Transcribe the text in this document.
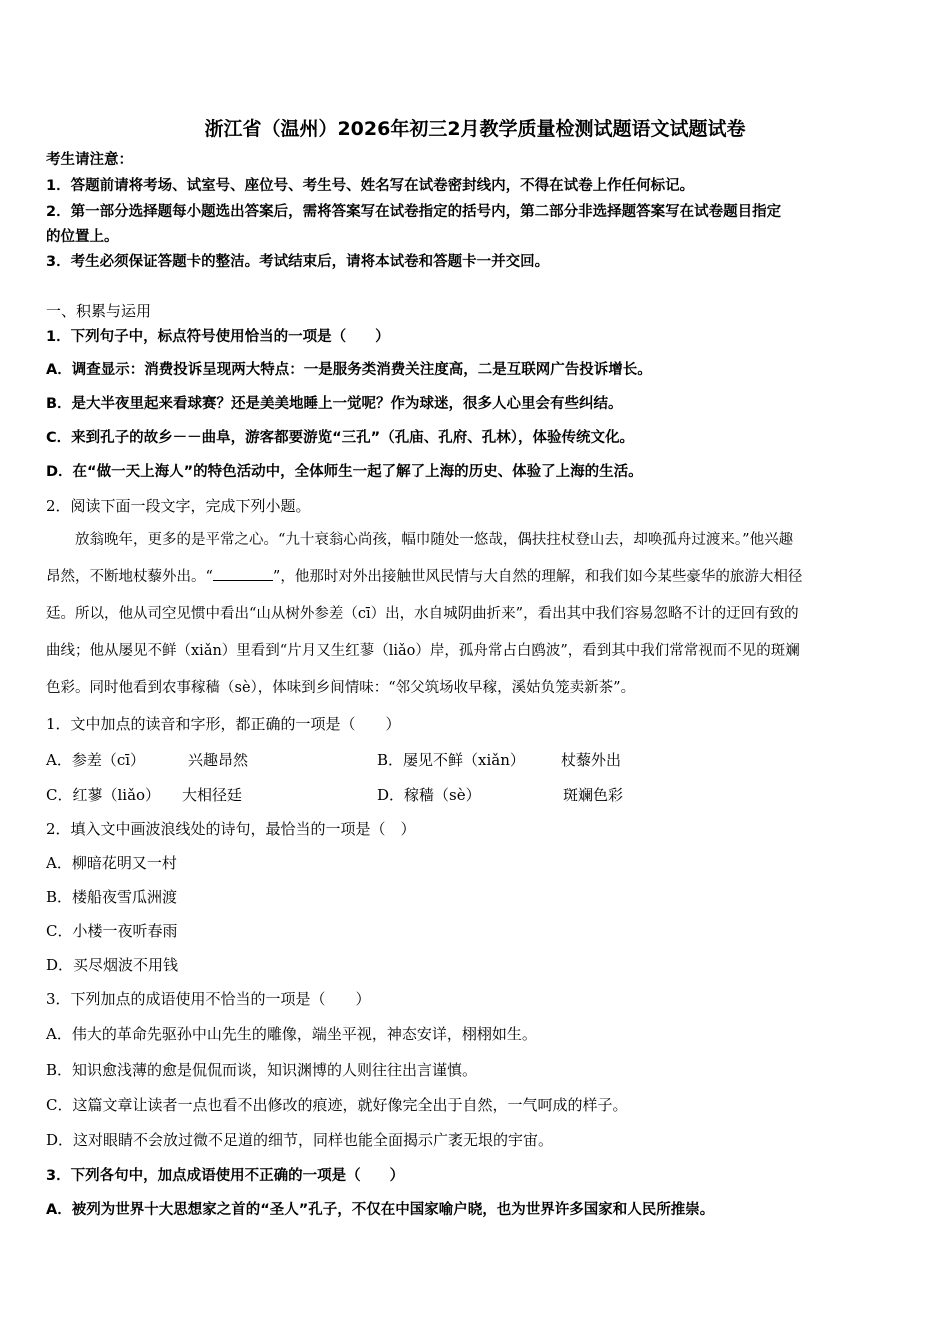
浙江省（温州）2026年初三2月教学质量检测试题语文试题试卷
考生请注意：
1．答题前请将考场、试室号、座位号、考生号、姓名写在试卷密封线内，不得在试卷上作任何标记。
2．第一部分选择题每小题选出答案后，需将答案写在试卷指定的括号内，第二部分非选择题答案写在试卷题目指定
的位置上。
3．考生必须保证答题卡的整洁。考试结束后，请将本试卷和答题卡一并交回。
一、积累与运用
1．下列句子中，标点符号使用恰当的一项是（　　）
A．调查显示：消费投诉呈现两大特点：一是服务类消费关注度高，二是互联网广告投诉增长。
B．是大半夜里起来看球赛？还是美美地睡上一觉呢？作为球迷，很多人心里会有些纠结。
C．来到孔子的故乡－－曲阜，游客都要游览“三孔”（孔庙、孔府、孔林），体验传统文化。
D．在“做一天上海人”的特色活动中，全体师生一起了解了上海的历史、体验了上海的生活。
2．阅读下面一段文字，完成下列小题。
　　放翁晚年，更多的是平常之心。“九十衰翁心尚孩，幅巾随处一悠哉，偶扶拄杖登山去，却唤孤舟过渡来。”他兴趣
昂然，不断地杖藜外出。“	”，他那时对外出接触世风民情与大自然的理解，和我们如今某些豪华的旅游大相径
廷。所以，他从司空见惯中看出“山从树外参差（cī）出，水自城阴曲折来”，看出其中我们容易忽略不计的迂回有致的
曲线；他从屡见不鲜（xiǎn）里看到“片月又生红蓼（liǎo）岸，孤舟常占白鸥波”，看到其中我们常常视而不见的斑斓
色彩。同时他看到农事稼穑（sè），体味到乡间情味：“邻父筑场收早稼，溪姑负笼卖新茶”。
1．文中加点的读音和字形，都正确的一项是（　　）
A．参差（cī）	兴趣昂然	B．屡见不鲜（xiǎn） 杖藜外出
C．红蓼（liǎo） 大相径廷	D．稼穑（sè）	斑斓色彩
2．填入文中画波浪线处的诗句，最恰当的一项是（　）
A．柳暗花明又一村
B．楼船夜雪瓜洲渡
C．小楼一夜听春雨
D．买尽烟波不用钱
3．下列加点的成语使用不恰当的一项是（　　）
A．伟大的革命先驱孙中山先生的雕像，端坐平视，神态安详，栩栩如生。
B．知识愈浅薄的愈是侃侃而谈，知识渊博的人则往往出言谨慎。
C．这篇文章让读者一点也看不出修改的痕迹，就好像完全出于自然，一气呵成的样子。
D．这对眼睛不会放过微不足道的细节，同样也能全面揭示广袤无垠的宇宙。
3．下列各句中，加点成语使用不正确的一项是（　　）
A．被列为世界十大思想家之首的“圣人”孔子，不仅在中国家喻户晓，也为世界许多国家和人民所推崇。
